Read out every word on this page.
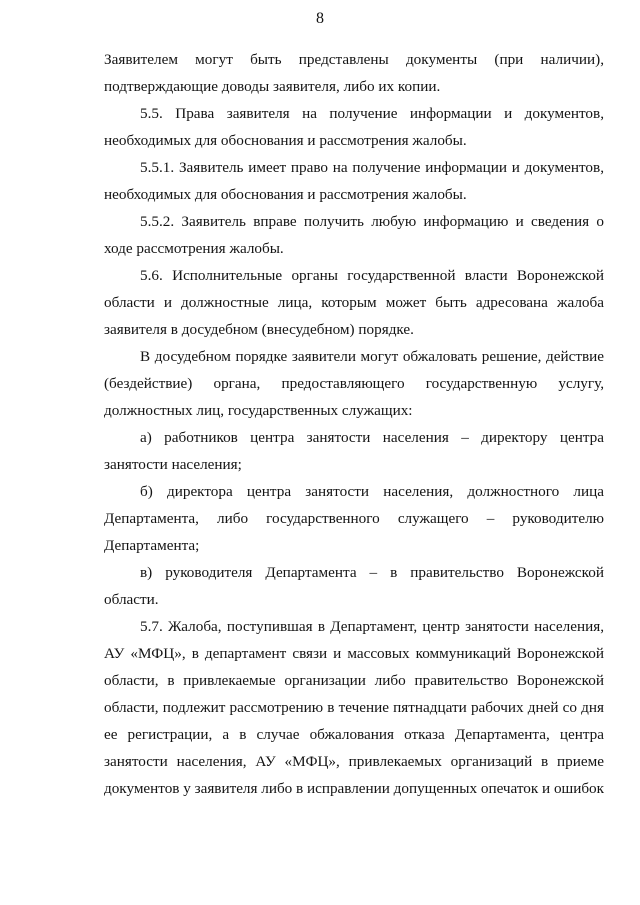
8
Заявителем могут быть представлены документы (при наличии),
подтверждающие доводы заявителя, либо их копии.
5.5. Права заявителя на получение информации и документов,
необходимых для обоснования и рассмотрения жалобы.
5.5.1. Заявитель имеет право на получение информации и документов,
необходимых для обоснования и рассмотрения жалобы.
5.5.2. Заявитель вправе получить любую информацию и сведения о
ходе рассмотрения жалобы.
5.6. Исполнительные органы государственной власти Воронежской
области и должностные лица, которым может быть адресована жалоба
заявителя в досудебном (внесудебном) порядке.
В досудебном порядке заявители могут обжаловать решение, действие
(бездействие) органа, предоставляющего государственную услугу,
должностных лиц, государственных служащих:
а) работников центра занятости населения – директору центра
занятости населения;
б) директора центра занятости населения, должностного лица
Департамента, либо государственного служащего – руководителю
Департамента;
в) руководителя Департамента – в правительство Воронежской
области.
5.7. Жалоба, поступившая в Департамент, центр занятости населения,
АУ «МФЦ», в департамент связи и массовых коммуникаций Воронежской
области, в привлекаемые организации либо правительство Воронежской
области, подлежит рассмотрению в течение пятнадцати рабочих дней со дня
ее регистрации, а в случае обжалования отказа Департамента, центра
занятости населения, АУ «МФЦ», привлекаемых организаций в приеме
документов у заявителя либо в исправлении допущенных опечаток и ошибок
